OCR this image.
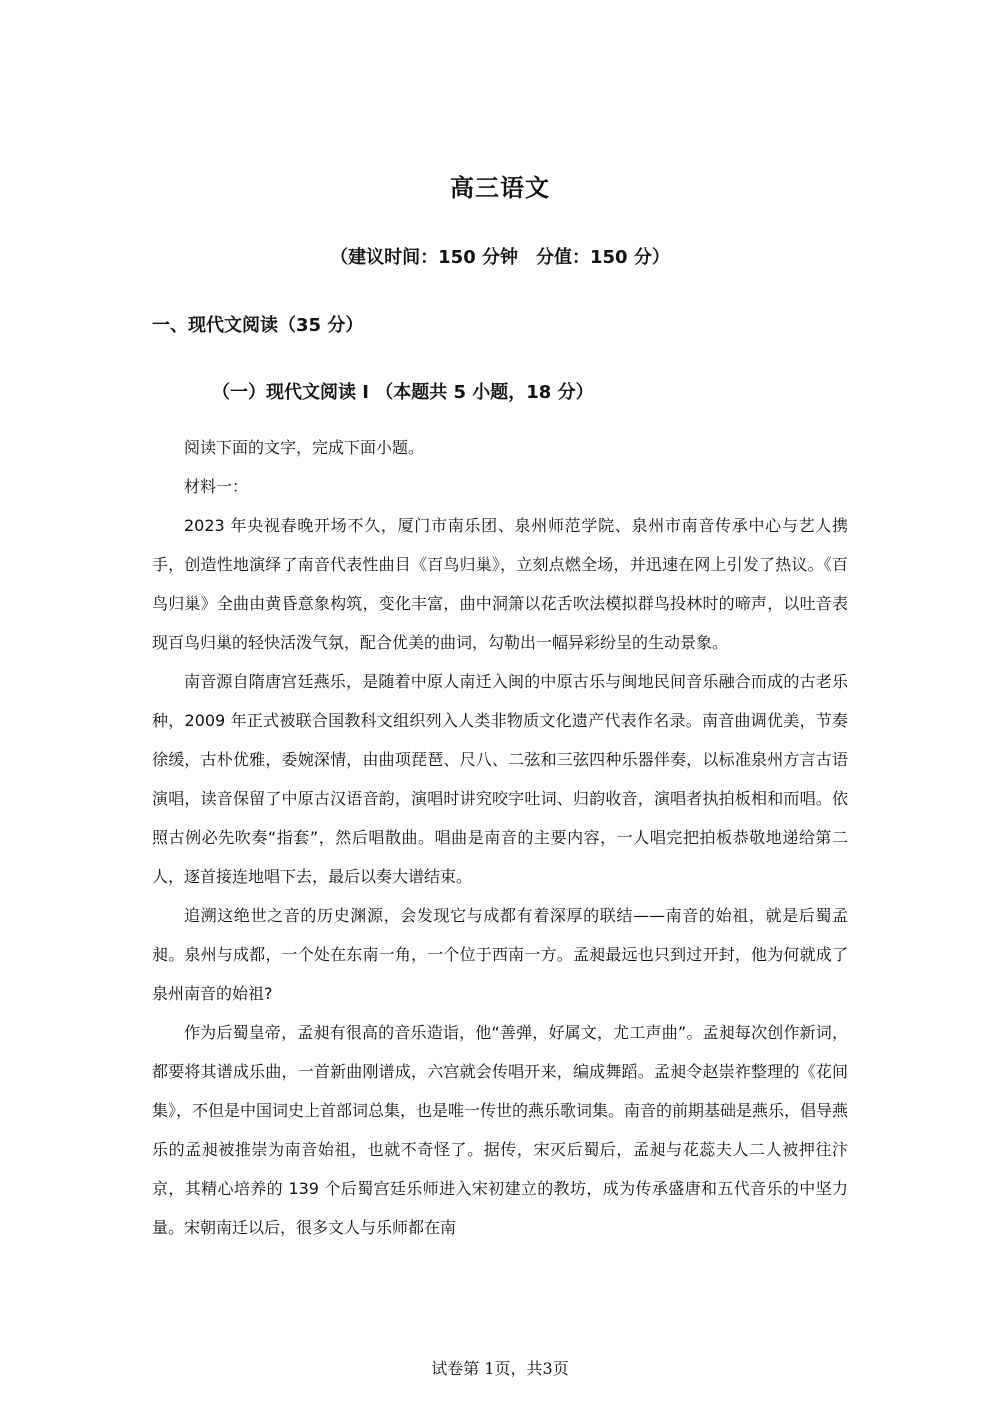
高三语文
（建议时间：150 分钟　分值：150 分）
一、现代文阅读（35 分）
（一）现代文阅读 I （本题共 5 小题，18 分）

阅读下面的文字，完成下面小题。

材料一：

2023 年央视春晚开场不久，厦门市南乐团、泉州师范学院、泉州市南音传承中心与艺人携手，创造性地演绎了南音代表性曲目《百鸟归巢》，立刻点燃全场，并迅速在网上引发了热议。《百鸟归巢》全曲由黄昏意象构筑，变化丰富，曲中洞箫以花舌吹法模拟群鸟投林时的啼声，以吐音表现百鸟归巢的轻快活泼气氛，配合优美的曲词，勾勒出一幅异彩纷呈的生动景象。

南音源自隋唐宫廷燕乐，是随着中原人南迁入闽的中原古乐与闽地民间音乐融合而成的古老乐种，2009 年正式被联合国教科文组织列入人类非物质文化遗产代表作名录。南音曲调优美，节奏徐缓，古朴优雅，委婉深情，由曲项琵琶、尺八、二弦和三弦四种乐器伴奏，以标准泉州方言古语演唱，读音保留了中原古汉语音韵，演唱时讲究咬字吐词、归韵收音，演唱者执拍板相和而唱。依照古例必先吹奏“指套”，然后唱散曲。唱曲是南音的主要内容，一人唱完把拍板恭敬地递给第二人，逐首接连地唱下去，最后以奏大谱结束。

追溯这绝世之音的历史渊源，会发现它与成都有着深厚的联结——南音的始祖，就是后蜀孟昶。泉州与成都，一个处在东南一角，一个位于西南一方。孟昶最远也只到过开封，他为何就成了泉州南音的始祖?

作为后蜀皇帝，孟昶有很高的音乐造诣，他“善弹，好属文，尤工声曲”。孟昶每次创作新词，都要将其谱成乐曲，一首新曲刚谱成，六宫就会传唱开来，编成舞蹈。孟昶令赵崇祚整理的《花间集》，不但是中国词史上首部词总集，也是唯一传世的燕乐歌词集。南音的前期基础是燕乐，倡导燕乐的孟昶被推崇为南音始祖，也就不奇怪了。据传，宋灭后蜀后，孟昶与花蕊夫人二人被押往汴京，其精心培养的 139 个后蜀宫廷乐师进入宋初建立的教坊，成为传承盛唐和五代音乐的中坚力量。宋朝南迁以后，很多文人与乐师都在南

试卷第 1页，共3页
